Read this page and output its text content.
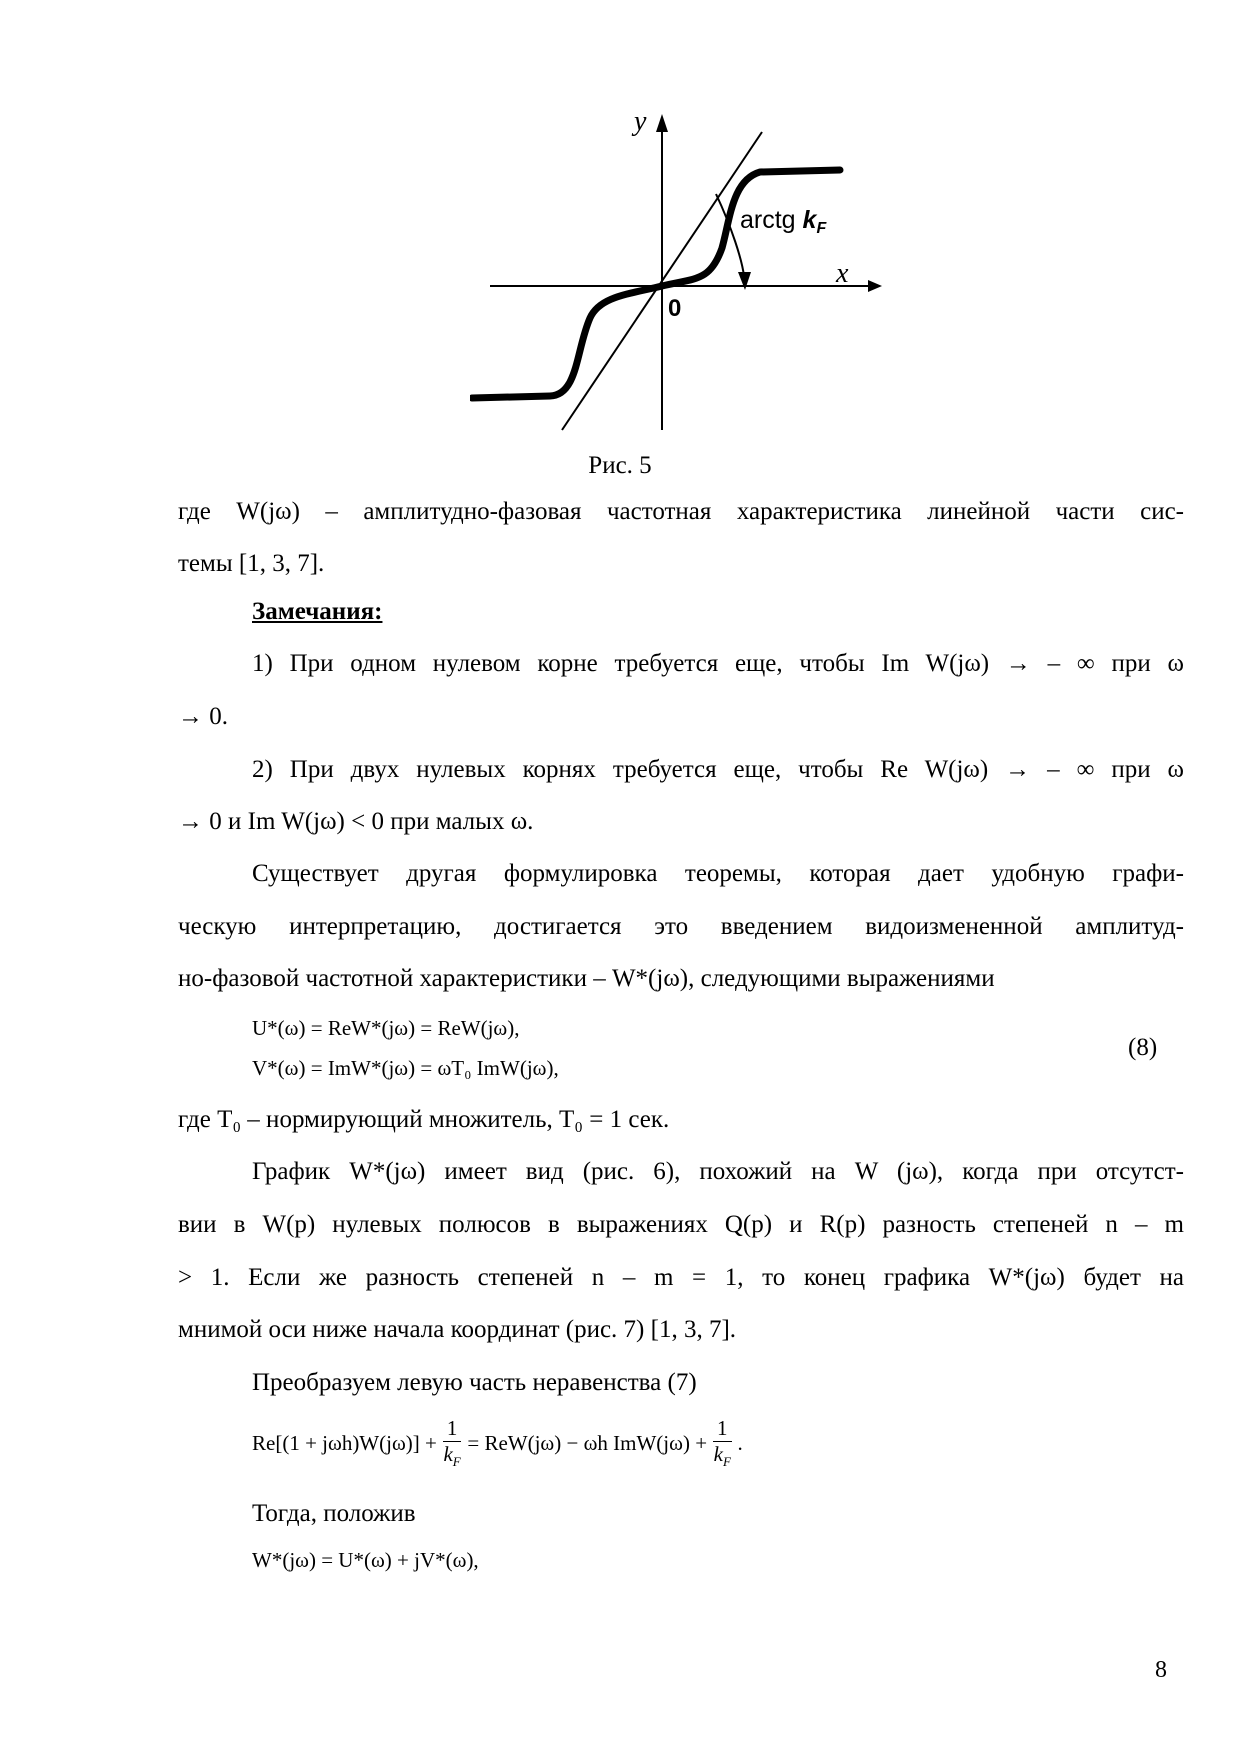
y
x
0
arctg $k_F$
Рис. 5
где W(jω) – амплитудно-фазовая частотная характеристика линейной части сис-
темы [1, 3, 7].
Замечания:
1) При одном нулевом корне требуется еще, чтобы Im W(jω) → – ∞ при ω
→ 0.
2) При двух нулевых корнях требуется еще, чтобы Re W(jω) → – ∞ при ω
→ 0 и Im W(jω) < 0 при малых ω.
Существует другая формулировка теоремы, которая дает удобную графи-
ческую интерпретацию, достигается это введением видоизмененной амплитуд-
но-фазовой частотной характеристики – W*(jω), следующими выражениями
U*(ω) = ReW*(jω) = ReW(jω),
V*(ω) = ImW*(jω) = ωT₀ ImW(jω),
(8)
где T₀ – нормирующий множитель, T₀ = 1 сек.
График W*(jω) имеет вид (рис. 6), похожий на W (jω), когда при отсутст-
вии в W(p) нулевых полюсов в выражениях Q(p) и R(p) разность степеней n – m
> 1. Если же разность степеней n – m = 1, то конец графика W*(jω) будет на
мнимой оси ниже начала координат (рис. 7) [1, 3, 7].
Преобразуем левую часть неравенства (7)
$Re[(1 + j\omega h)W(j\omega)] + \frac{1}{k_F} = ReW(j\omega) - \omega h$ $ImW(j\omega) + \frac{1}{k_F}$ .
Тогда, положив
W*(jω) = U*(ω) + jV*(ω),
8
